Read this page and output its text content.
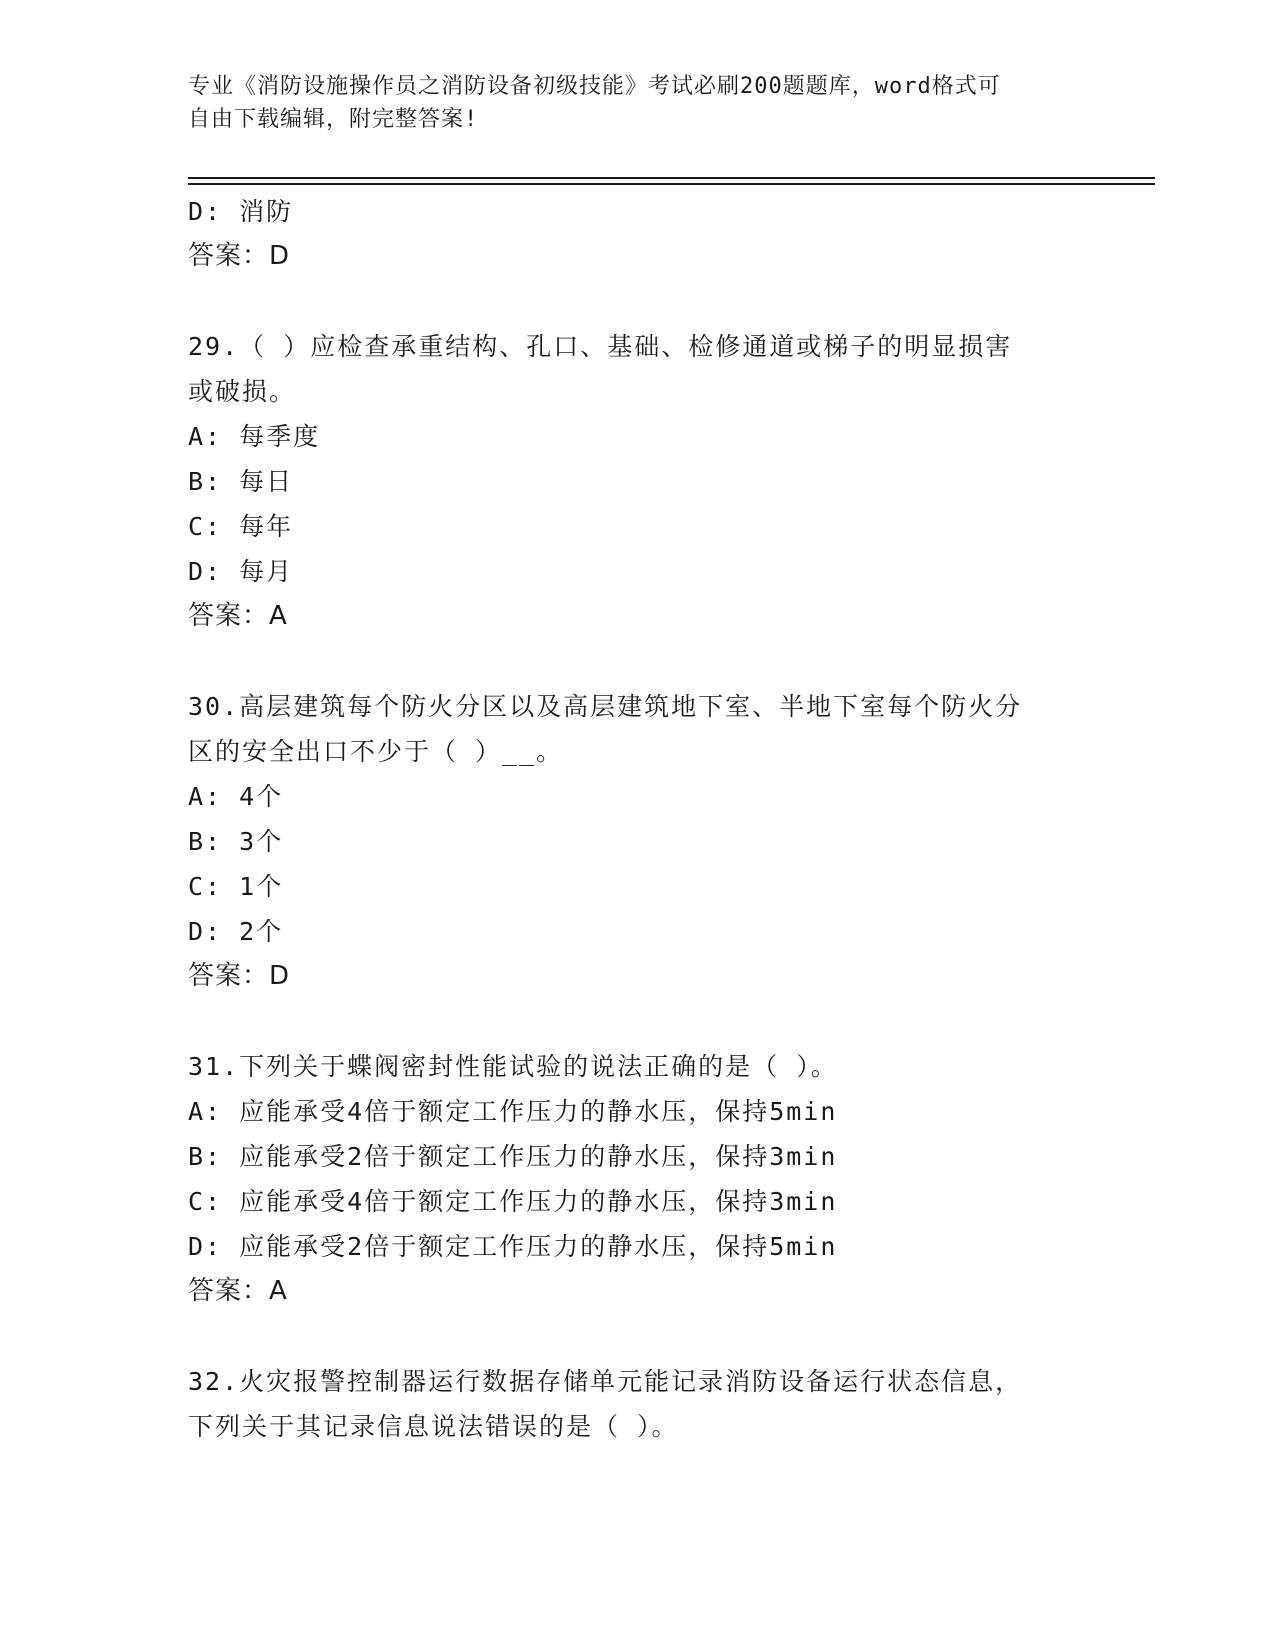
专业《消防设施操作员之消防设备初级技能》考试必刷200题题库，word格式可
自由下载编辑，附完整答案!
D: 消防
答案：D
29.（ ）应检查承重结构、孔口、基础、检修通道或梯子的明显损害
或破损。
A: 每季度
B: 每日
C: 每年
D: 每月
答案：A
30.高层建筑每个防火分区以及高层建筑地下室、半地下室每个防火分
区的安全出口不少于（ ）__。
A: 4个
B: 3个
C: 1个
D: 2个
答案：D
31.下列关于蝶阀密封性能试验的说法正确的是（ ）。
A: 应能承受4倍于额定工作压力的静水压，保持5min
B: 应能承受2倍于额定工作压力的静水压，保持3min
C: 应能承受4倍于额定工作压力的静水压，保持3min
D: 应能承受2倍于额定工作压力的静水压，保持5min
答案：A
32.火灾报警控制器运行数据存储单元能记录消防设备运行状态信息，
下列关于其记录信息说法错误的是（ ）。
